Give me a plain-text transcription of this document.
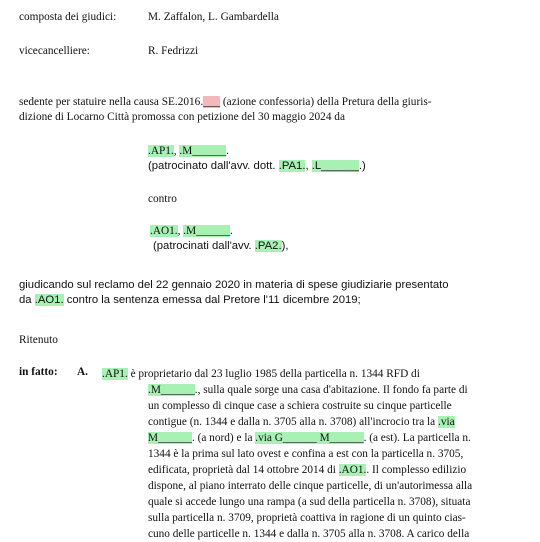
composta dei giudici:	M. Zaffalon, L. Gambardella
vicecancelliere:	R. Fedrizzi
sedente per statuire nella causa SE.2016.___ (azione confessoria) della Pretura della giuris-
dizione di Locarno Città promossa con petizione del 30 maggio 2024 da
.AP1., .M______.
(patrocinato dall'avv. dott. .PA1., .L______.)
contro
.AO1., .M______.
(patrocinati dall'avv. .PA2.),
giudicando sul reclamo del 22 gennaio 2020 in materia di spese giudiziarie presentato
da .AO1. contro la sentenza emessa dal Pretore l'11 dicembre 2019;
Ritenuto
in fatto: A. .AP1. è proprietario dal 23 luglio 1985 della particella n. 1344 RFD di
.M______., sulla quale sorge una casa d'abitazione. Il fondo fa parte di
un complesso di cinque case a schiera costruite su cinque particelle
contigue (n. 1344 e dalla n. 3705 alla n. 3708) all'incrocio tra la .via
M______. (a nord) e la .via G______ M______. (a est). La particella n.
1344 è la prima sul lato ovest e confina a est con la particella n. 3705,
edificata, proprietà dal 14 ottobre 2014 di .AO1.. Il complesso edilizio
dispone, al piano interrato delle cinque particelle, di un'autorimessa alla
quale si accede lungo una rampa (a sud della particella n. 3708), situata
sulla particella n. 3709, proprietà coattiva in ragione di un quinto cias-
cuno delle particelle n. 1344 e dalla n. 3705 alla n. 3708. A carico della
